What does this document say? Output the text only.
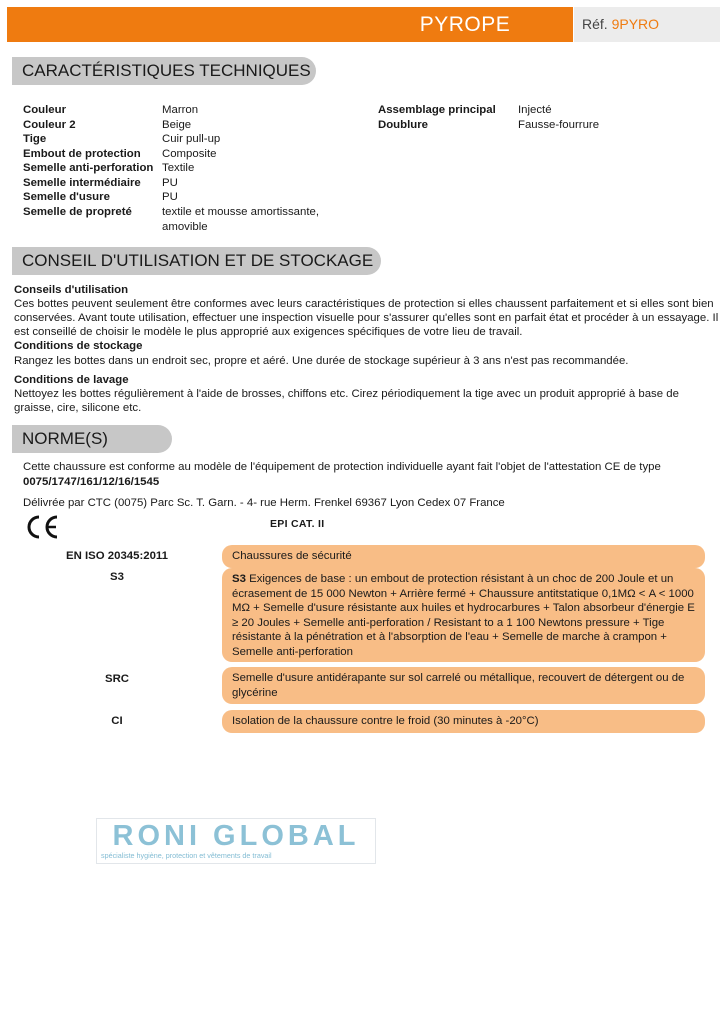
PYROPE	Réf. 9PYRO
CARACTÉRISTIQUES TECHNIQUES
Couleur	Marron
Couleur 2	Beige
Tige	Cuir pull-up
Embout de protection Composite
Semelle anti-perforation Textile
Semelle intermédiaire PU
Semelle d'usure	PU
Semelle de propreté	textile et mousse amortissante,
amovible
Assemblage principal Injecté
Doublure	Fausse-fourrure
CONSEIL D'UTILISATION ET DE STOCKAGE
Conseils d'utilisation
Ces bottes peuvent seulement être conformes avec leurs caractéristiques de protection si elles chaussent parfaitement et si elles sont bien
conservées. Avant toute utilisation, effectuer une inspection visuelle pour s'assurer qu'elles sont en parfait état et procéder à un essayage. Il
est conseillé de choisir le modèle le plus approprié aux exigences spécifiques de votre lieu de travail.
Conditions de stockage
Rangez les bottes dans un endroit sec, propre et aéré. Une durée de stockage supérieur à 3 ans n'est pas recommandée.
Conditions de lavage
Nettoyez les bottes régulièrement à l'aide de brosses, chiffons etc. Cirez périodiquement la tige avec un produit approprié à base de
graisse, cire, silicone etc.
NORME(S)
Cette chaussure est conforme au modèle de l'équipement de protection individuelle ayant fait l'objet de l'attestation CE de type
0075/1747/161/12/16/1545
Délivrée par CTC (0075) Parc Sc. T. Garn. - 4- rue Herm. Frenkel 69367 Lyon Cedex 07 France
EPI CAT. II
EN ISO 20345:2011	Chaussures de sécurité
S3	S3 Exigences de base : un embout de protection résistant à un choc de 200 Joule et un
écrasement de 15 000 Newton + Arrière fermé + Chaussure antitstatique 0,1MΩ < A < 1000
MΩ + Semelle d'usure résistante aux huiles et hydrocarbures + Talon absorbeur d'énergie E
≥ 20 Joules + Semelle anti-perforation / Resistant to a 1 100 Newtons pressure + Tige
résistante à la pénétration et à l'absorption de l'eau + Semelle de marche à crampon +
Semelle anti-perforation
SRC	Semelle d'usure antidérapante sur sol carrelé ou métallique, recouvert de détergent ou de
glycérine
CI	Isolation de la chaussure contre le froid (30 minutes à -20°C)
RONI GLOBAL
spécialiste hygiène, protection et vêtements de travail
